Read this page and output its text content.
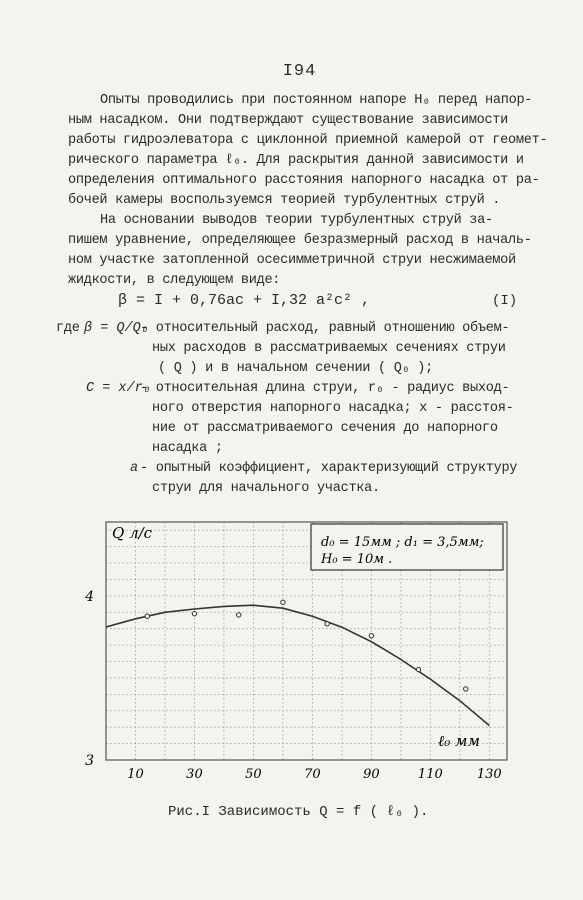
I94
Опыты проводились при постоянном напоре H₀ перед напор-
ным насадком. Они подтверждают существование зависимости
работы гидроэлеватора с циклонной приемной камерой от геомет-
рического параметра ℓ₀. Для раскрытия данной зависимости и
определения оптимального расстояния напорного насадка от ра-
бочей камеры воспользуемся теорией турбулентных струй .
На основании выводов теории турбулентных струй за-
пишем уравнение, определяющее безразмерный расход в началь-
ном участке затопленной осесимметричной струи несжимаемой
жидкости, в следующем виде:
β = I + 0,76ac + I,32 a²c² ,	(I)
где β = Q/Q₀
- относительный расход, равный отношению объем-
ных расходов в рассматриваемых сечениях струи
( Q ) и в начальном сечении ( Q₀ );
C = x/r₀
- относительная длина струи, r₀ - радиус выход-
ного отверстия напорного насадка; x - расстоя-
ние от рассматриваемого сечения до напорного
насадка ;
a - опытный коэффициент, характеризующий структуру
струи для начального участка.
10	30	50	70	90	110	130
3
4
Q л/с
ℓ₀ мм
d₀ = 15мм ; d₁ = 3,5мм;
H₀ = 10м .
Рис.I Зависимость Q = f ( ℓ₀ ).
